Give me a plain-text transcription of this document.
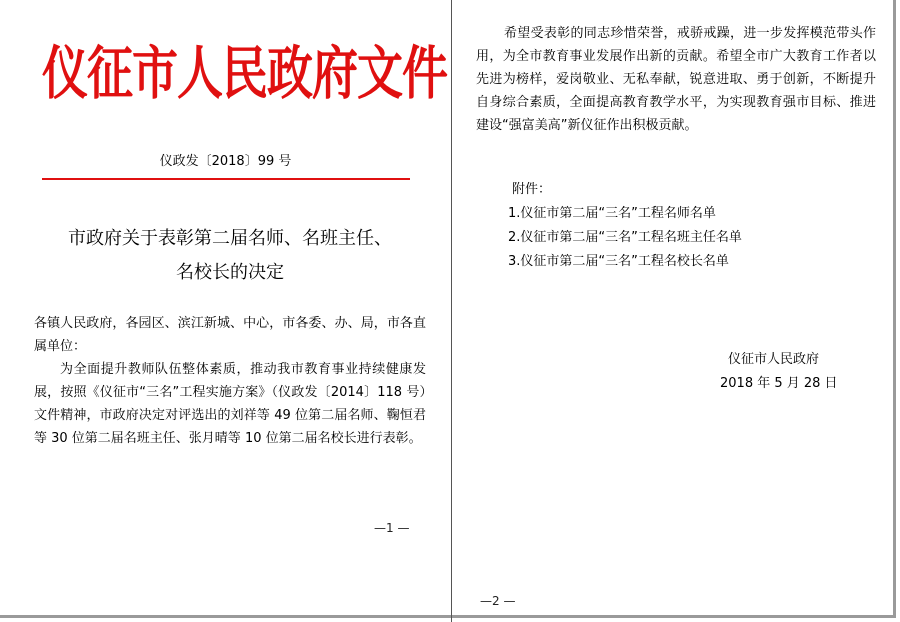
仪征市人民政府文件
仪政发〔2018〕99 号
市政府关于表彰第二届名师、名班主任、
名校长的决定

各镇人民政府，各园区、滨江新城、中心，市各委、办、局，市各直属单位：

为全面提升教师队伍整体素质，推动我市教育事业持续健康发展，按照《仪征市“三名”工程实施方案》（仪政发〔2014〕118 号）文件精神，市政府决定对评选出的刘祥等 49 位第二届名师、鞠恒君等 30 位第二届名班主任、张月晴等 10 位第二届名校长进行表彰。

—1 —

希望受表彰的同志珍惜荣誉，戒骄戒躁，进一步发挥模范带头作用，为全市教育事业发展作出新的贡献。希望全市广大教育工作者以先进为榜样，爱岗敬业、无私奉献，锐意进取、勇于创新，不断提升自身综合素质，全面提高教育教学水平，为实现教育强市目标、推进建设“强富美高”新仪征作出积极贡献。

附件：
1.仪征市第二届“三名”工程名师名单
2.仪征市第二届“三名”工程名班主任名单
3.仪征市第二届“三名”工程名校长名单
仪征市人民政府
2018 年 5 月 28 日
—2 —
